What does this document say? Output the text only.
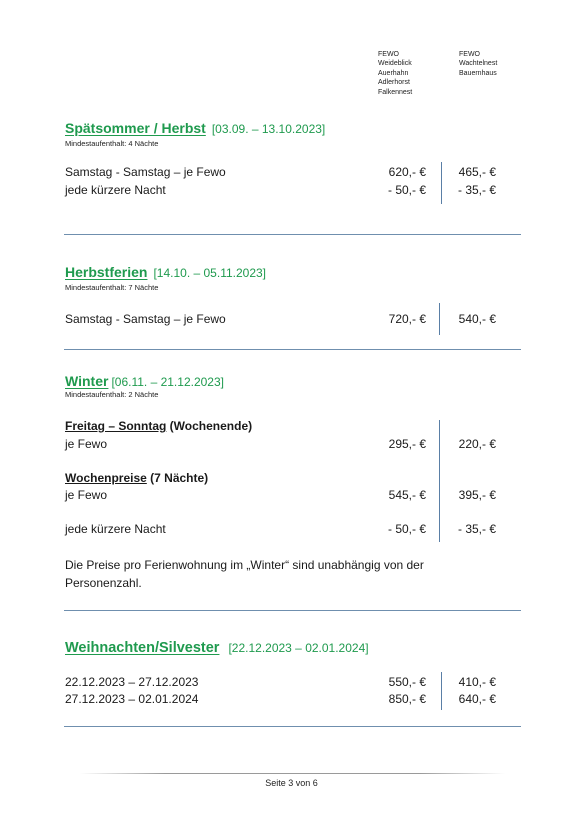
FEWO
Weideblick
Auerhahn
Adlerhorst
Falkennest
FEWO
Wachtelnest
Bauernhaus
Spätsommer / Herbst [03.09. – 13.10.2023]
Mindestaufenthalt: 4 Nächte
Samstag - Samstag – je Fewo	620,- €	465,- €
jede kürzere Nacht	- 50,- €	- 35,- €
Herbstferien [14.10. – 05.11.2023]
Mindestaufenthalt: 7 Nächte
Samstag - Samstag – je Fewo	720,- €	540,- €
Winter [06.11. – 21.12.2023]
Mindestaufenthalt: 2 Nächte
Freitag – Sonntag (Wochenende)
je Fewo	295,- €	220,- €
Wochenpreise (7 Nächte)
je Fewo	545,- €	395,- €
jede kürzere Nacht	- 50,- €	- 35,- €
Die Preise pro Ferienwohnung im „Winter“ sind unabhängig von der Personenzahl.
Weihnachten/Silvester [22.12.2023 – 02.01.2024]
22.12.2023 – 27.12.2023	550,- €	410,- €
27.12.2023 – 02.01.2024	850,- €	640,- €
Seite 3 von 6
